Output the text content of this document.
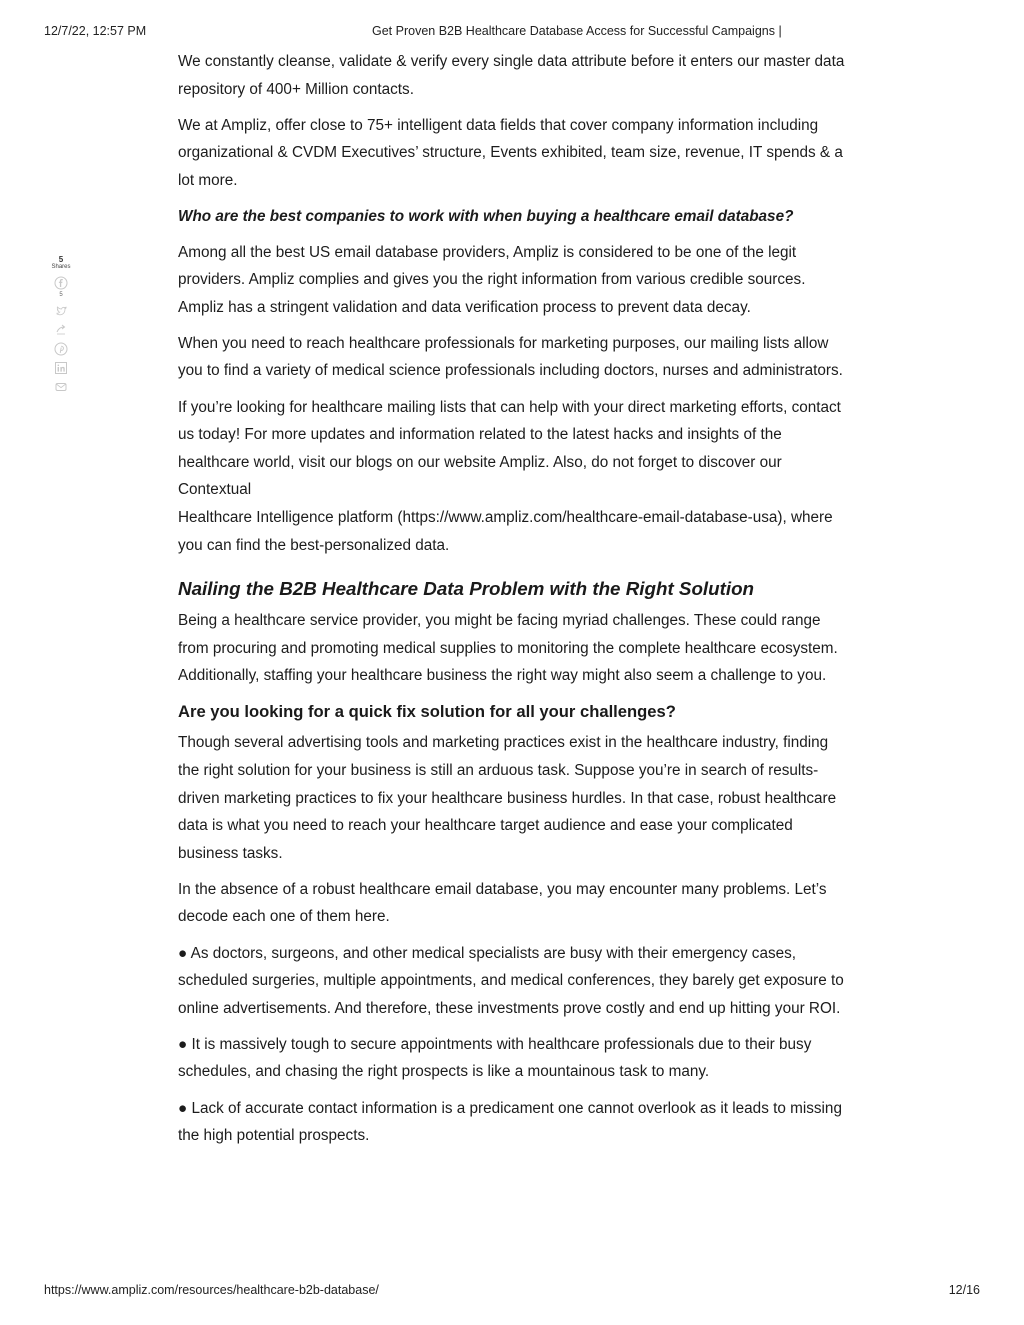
12/7/22, 12:57 PM	Get Proven B2B Healthcare Database Access for Successful Campaigns |
5
Shares
5

We constantly cleanse, validate & verify every single data attribute before it enters our master data repository of 400+ Million contacts.

We at Ampliz, offer close to 75+ intelligent data fields that cover company information including organizational & CVDM Executives’ structure, Events exhibited, team size, revenue, IT spends & a lot more.

Who are the best companies to work with when buying a healthcare email database?

Among all the best US email database providers, Ampliz is considered to be one of the legit providers. Ampliz complies and gives you the right information from various credible sources. Ampliz has a stringent validation and data verification process to prevent data decay.

When you need to reach healthcare professionals for marketing purposes, our mailing lists allow you to find a variety of medical science professionals including doctors, nurses and administrators.

If you’re looking for healthcare mailing lists that can help with your direct marketing efforts, contact us today! For more updates and information related to the latest hacks and insights of the healthcare world, visit our blogs on our website Ampliz. Also, do not forget to discover our Contextual
Healthcare Intelligence platform (https://www.ampliz.com/healthcare-email-database-usa), where you can find the best-personalized data.

Nailing the B2B Healthcare Data Problem with the Right Solution

Being a healthcare service provider, you might be facing myriad challenges. These could range from procuring and promoting medical supplies to monitoring the complete healthcare ecosystem. Additionally, staffing your healthcare business the right way might also seem a challenge to you.

Are you looking for a quick fix solution for all your challenges?

Though several advertising tools and marketing practices exist in the healthcare industry, finding the right solution for your business is still an arduous task. Suppose you’re in search of results-driven marketing practices to fix your healthcare business hurdles. In that case, robust healthcare data is what you need to reach your healthcare target audience and ease your complicated business tasks.

In the absence of a robust healthcare email database, you may encounter many problems. Let’s decode each one of them here.

● As doctors, surgeons, and other medical specialists are busy with their emergency cases, scheduled surgeries, multiple appointments, and medical conferences, they barely get exposure to online advertisements. And therefore, these investments prove costly and end up hitting your ROI.

● It is massively tough to secure appointments with healthcare professionals due to their busy schedules, and chasing the right prospects is like a mountainous task to many.

● Lack of accurate contact information is a predicament one cannot overlook as it leads to missing the high potential prospects.

https://www.ampliz.com/resources/healthcare-b2b-database/	12/16
